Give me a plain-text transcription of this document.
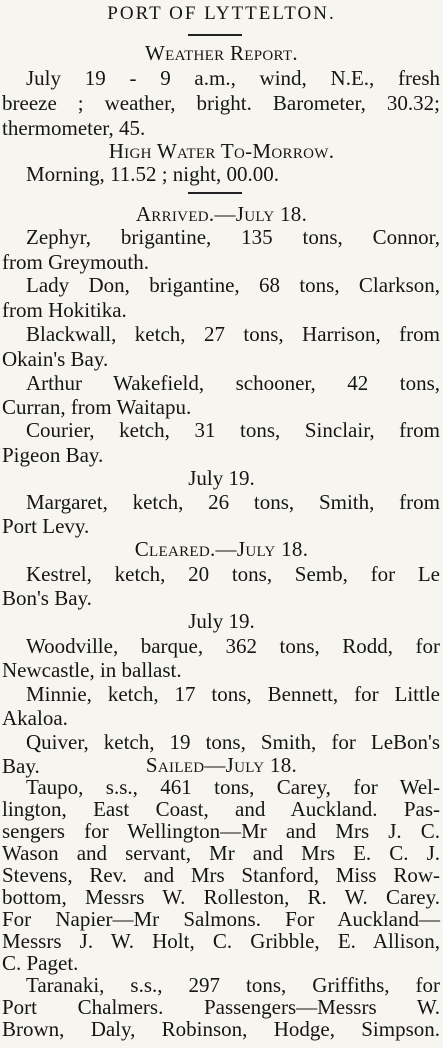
PORT OF LYTTELTON.
Weather Report.
July 19 - 9 a.m., wind, N.E., fresh
breeze ; weather, bright. Barometer, 30.32;
thermometer, 45.
High Water To-Morrow.
Morning, 11.52 ; night, 00.00.
Arrived.—July 18.
Zephyr, brigantine, 135 tons, Connor,
from Greymouth.
Lady Don, brigantine, 68 tons, Clarkson,
from Hokitika.
Blackwall, ketch, 27 tons, Harrison, from
Okain's Bay.
Arthur Wakefield, schooner, 42 tons,
Curran, from Waitapu.
Courier, ketch, 31 tons, Sinclair, from
Pigeon Bay.
July 19.
Margaret, ketch, 26 tons, Smith, from
Port Levy.
Cleared.—July 18.
Kestrel, ketch, 20 tons, Semb, for Le
Bon's Bay.
July 19.
Woodville, barque, 362 tons, Rodd, for
Newcastle, in ballast.
Minnie, ketch, 17 tons, Bennett, for Little
Akaloa.
Quiver, ketch, 19 tons, Smith, for LeBon's
Bay.	Sailed—July 18.
Taupo, s.s., 461 tons, Carey, for Wel-
lington, East Coast, and Auckland. Pas-
sengers for Wellington—Mr and Mrs J. C.
Wason and servant, Mr and Mrs E. C. J.
Stevens, Rev. and Mrs Stanford, Miss Row-
bottom, Messrs W. Rolleston, R. W. Carey.
For Napier—Mr Salmons. For Auckland—
Messrs J. W. Holt, C. Gribble, E. Allison,
C. Paget.
Taranaki, s.s., 297 tons, Griffiths, for
Port Chalmers. Passengers—Messrs W.
Brown, Daly, Robinson, Hodge, Simpson.
